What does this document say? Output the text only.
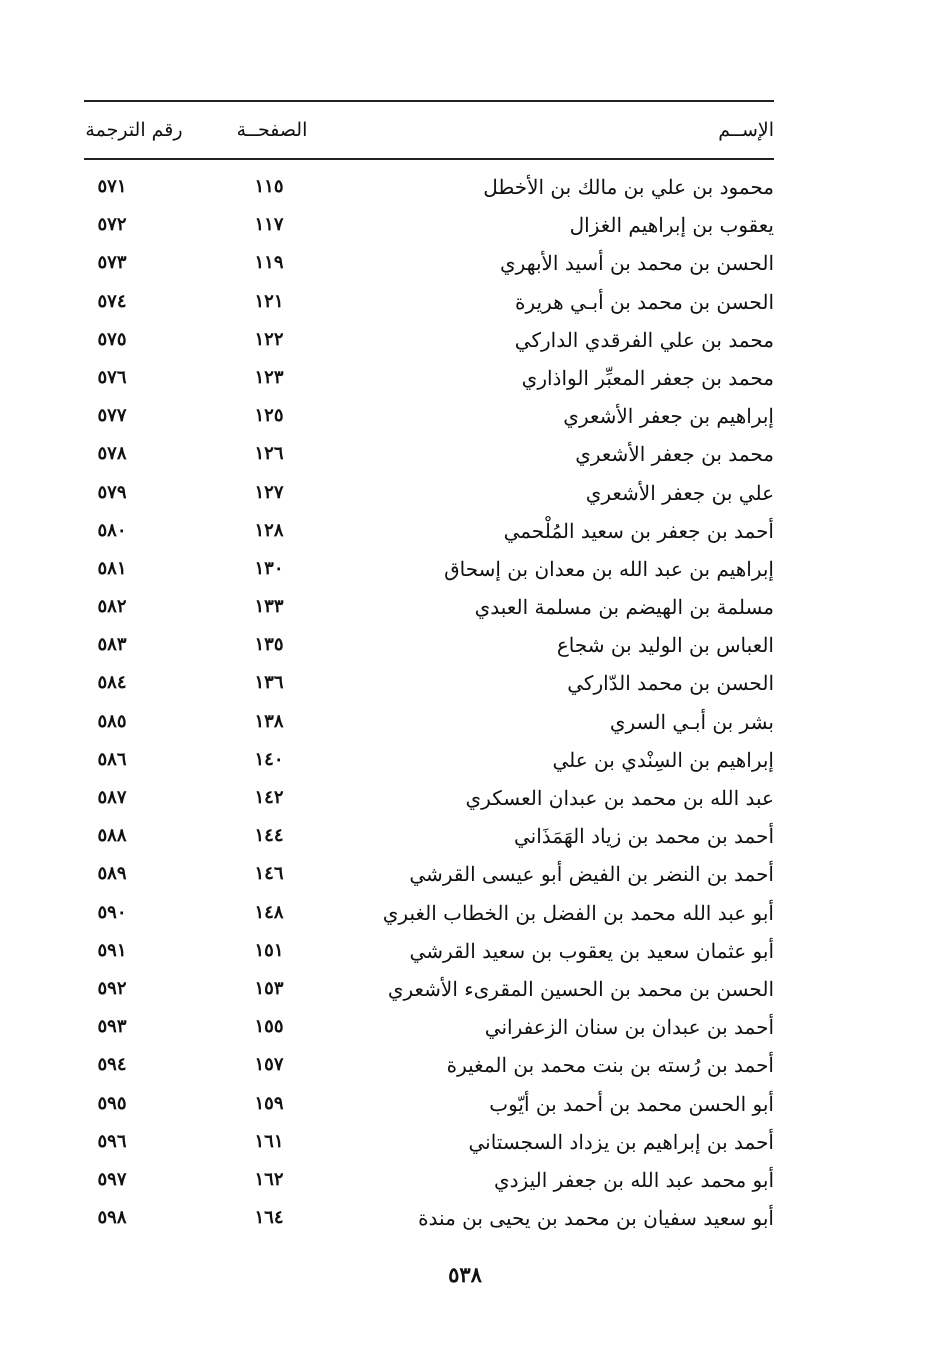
الإســم
الصفحــة
رقم الترجمة
محمود بن علي بن مالك بن الأخطل
١١٥
٥٧١
يعقوب بن إبراهيم الغزال
١١٧
٥٧٢
الحسن بن محمد بن أسيد الأبهري
١١٩
٥٧٣
الحسن بن محمد بن أبـي هريرة
١٢١
٥٧٤
محمد بن علي الفرقدي الداركي
١٢٢
٥٧٥
محمد بن جعفر المعبِّر الواذاري
١٢٣
٥٧٦
إبراهيم بن جعفر الأشعري
١٢٥
٥٧٧
محمد بن جعفر الأشعري
١٢٦
٥٧٨
علي بن جعفر الأشعري
١٢٧
٥٧٩
أحمد بن جعفر بن سعيد المُلْحمي
١٢٨
٥٨٠
إبراهيم بن عبد الله بن معدان بن إسحاق
١٣٠
٥٨١
مسلمة بن الهيضم بن مسلمة العبدي
١٣٣
٥٨٢
العباس بن الوليد بن شجاع
١٣٥
٥٨٣
الحسن بن محمد الدّاركي
١٣٦
٥٨٤
بشر بن أبـي السري
١٣٨
٥٨٥
إبراهيم بن السِنْدي بن علي
١٤٠
٥٨٦
عبد الله بن محمد بن عبدان العسكري
١٤٢
٥٨٧
أحمد بن محمد بن زياد الهَمَذَاني
١٤٤
٥٨٨
أحمد بن النضر بن الفيض أبو عيسى القرشي
١٤٦
٥٨٩
أبو عبد الله محمد بن الفضل بن الخطاب الغبري
١٤٨
٥٩٠
أبو عثمان سعيد بن يعقوب بن سعيد القرشي
١٥١
٥٩١
الحسن بن محمد بن الحسين المقرىء الأشعري
١٥٣
٥٩٢
أحمد بن عبدان بن سنان الزعفراني
١٥٥
٥٩٣
أحمد بن رُسته بن بنت محمد بن المغيرة
١٥٧
٥٩٤
أبو الحسن محمد بن أحمد بن أيّوب
١٥٩
٥٩٥
أحمد بن إبراهيم بن يزداد السجستاني
١٦١
٥٩٦
أبو محمد عبد الله بن جعفر اليزدي
١٦٢
٥٩٧
أبو سعيد سفيان بن محمد بن يحيى بن مندة
١٦٤
٥٩٨
٥٣٨
